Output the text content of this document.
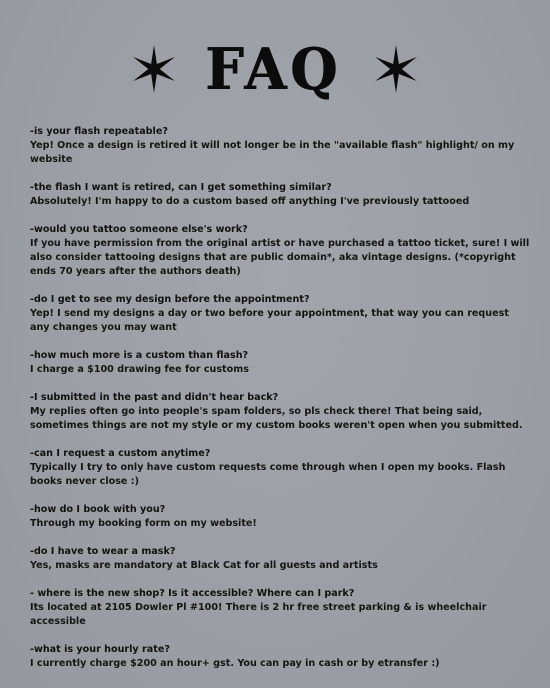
FAQ
-is your flash repeatable?
Yep! Once a design is retired it will not longer be in the "available flash" highlight/ on my website
-the flash I want is retired, can I get something similar?
Absolutely! I'm happy to do a custom based off anything I've previously tattooed
-would you tattoo someone else's work?
If you have permission from the original artist or have purchased a tattoo ticket, sure! I will also consider tattooing designs that are public domain*, aka vintage designs. (*copyright ends 70 years after the authors death)
-do I get to see my design before the appointment?
Yep! I send my designs a day or two before your appointment, that way you can request any changes you may want
-how much more is a custom than flash?
I charge a $100 drawing fee for customs
-I submitted in the past and didn't hear back?
My replies often go into people's spam folders, so pls check there! That being said, sometimes things are not my style or my custom books weren't open when you submitted.
-can I request a custom anytime?
Typically I try to only have custom requests come through when I open my books. Flash books never close :)
-how do I book with you?
Through my booking form on my website!
-do I have to wear a mask?
Yes, masks are mandatory at Black Cat for all guests and artists
- where is the new shop? Is it accessible? Where can I park?
Its located at 2105 Dowler Pl #100! There is 2 hr free street parking & is wheelchair accessible
-what is your hourly rate?
I currently charge $200 an hour+ gst. You can pay in cash or by etransfer :)
